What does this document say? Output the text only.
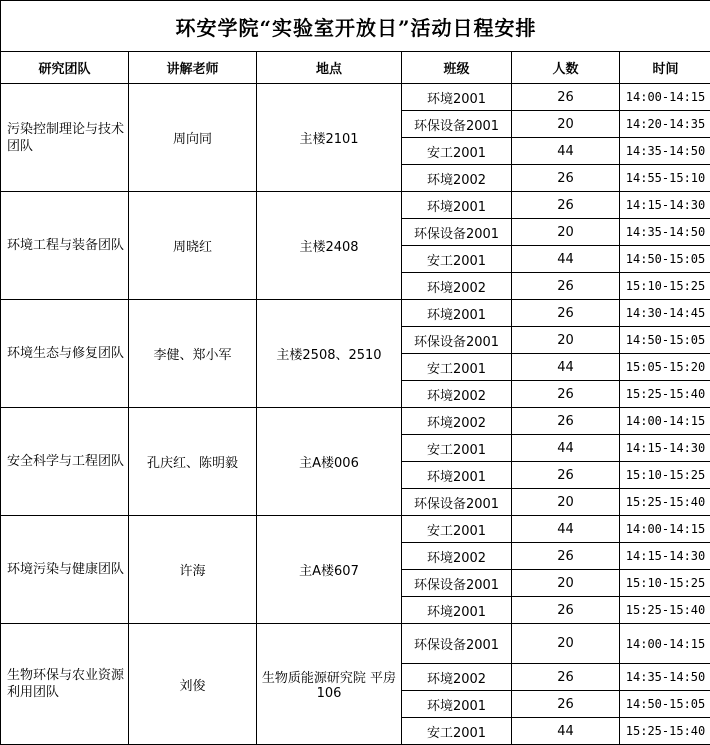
环安学院“实验室开放日”活动日程安排					
研究团队	讲解老师	地点	班级	人数	时间
污染控制理论与技术团队	周向同	主楼2101	环境2001	26	14:00-14:15
			环保设备2001	20	14:20-14:35
			安工2001	44	14:35-14:50
			环境2002	26	14:55-15:10
环境工程与装备团队	周晓红	主楼2408	环境2001	26	14:15-14:30
			环保设备2001	20	14:35-14:50
			安工2001	44	14:50-15:05
			环境2002	26	15:10-15:25
环境生态与修复团队	李健、郑小军	主楼2508、2510	环境2001	26	14:30-14:45
			环保设备2001	20	14:50-15:05
			安工2001	44	15:05-15:20
			环境2002	26	15:25-15:40
安全科学与工程团队	孔庆红、陈明毅	主A楼006	环境2002	26	14:00-14:15
			安工2001	44	14:15-14:30
			环境2001	26	15:10-15:25
			环保设备2001	20	15:25-15:40
环境污染与健康团队	许海	主A楼607	安工2001	44	14:00-14:15
			环境2002	26	14:15-14:30
			环保设备2001	20	15:10-15:25
			环境2001	26	15:25-15:40
生物环保与农业资源利用团队	刘俊	生物质能源研究院 平房106	环保设备2001	20	14:00-14:15
			环境2002	26	14:35-14:50
			环境2001	26	14:50-15:05
			安工2001	44	15:25-15:40
